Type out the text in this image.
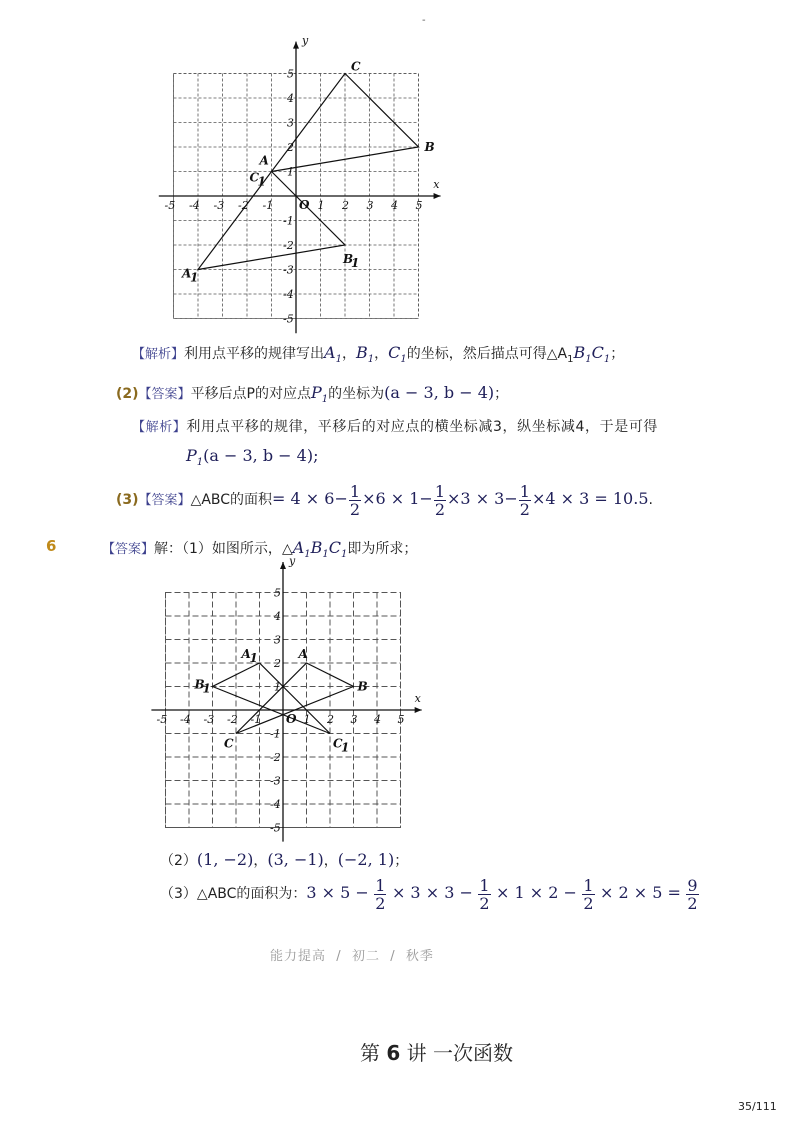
-
x
y
O
-5 -4 -3 -2 -1	1 2 3 4 5
5
4
3
2
1
-1
-2
-3
-4
-5
A
C
1
B
C
B
1
A
1
【解析】利用点平移的规律写出$A_1$，$B_1$，$C_1$的坐标，然后描点可得$\triangle A_1B_1C_1$；
(2)【答案】平移后点P的对应点$P_1$的坐标为(a − 3, b − 4)；
【解析】利用点平移的规律，平移后的对应点的横坐标减3，纵坐标减4，于是可得
$P_1(a - 3$, b − 4);
(3)【答案】△ABC的面积= $4 \times 6- \frac{1}{2} \times 6 \times 1- \frac{1}{2} \times 3 \times 3- \frac{1}{2} \times 4 \times 3 = 10.5$.
6	【答案】解：（1）如图所示，$\triangle A_1B_1C_1$即为所求；
x
y
O
-5 -4 -3 -2 -1	1 2 3 4 5
5
4
3
2
1
-1
-2
-3
-4
-5
A
A
1
B
B
1
C	C
1
（2）(1, −2)，(3, −1)，(−2, 1)；
（3）△ABC的面积为：$3 \times 5 - \frac{1}{2} \times 3 \times 3 - \frac{1}{2} \times 1 \times 2 - \frac{1}{2} \times 2 \times 5 = \frac{9}{2}$
能力提高 / 初二 / 秋季
第 6 讲 一次函数
35/111
